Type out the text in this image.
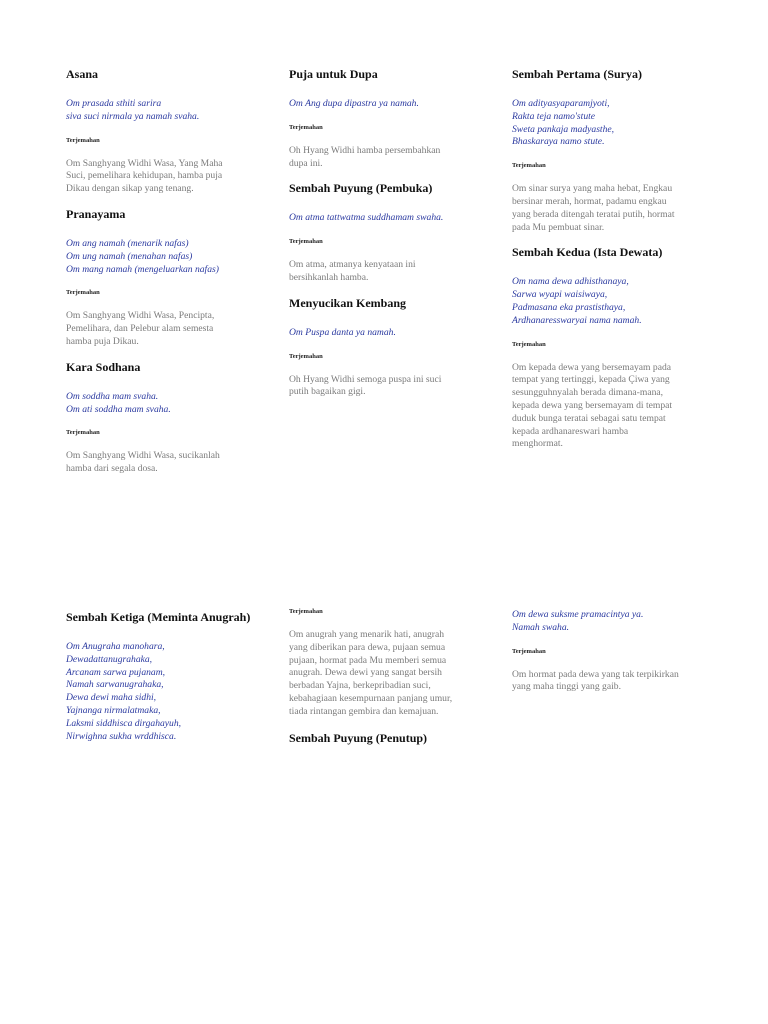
Asana
Om prasada sthiti sarira
siva suci nirmala ya namah svaha.
Terjemahan
Om Sanghyang Widhi Wasa, Yang Maha
Suci, pemelihara kehidupan, hamba puja
Dikau dengan sikap yang tenang.
Pranayama
Om ang namah (menarik nafas)
Om ung namah (menahan nafas)
Om mang namah (mengeluarkan nafas)
Terjemahan
Om Sanghyang Widhi Wasa, Pencipta,
Pemelihara, dan Pelebur alam semesta
hamba puja Dikau.
Kara Sodhana
Om soddha mam svaha.
Om ati soddha mam svaha.
Terjemahan
Om Sanghyang Widhi Wasa, sucikanlah
hamba dari segala dosa.
Puja untuk Dupa
Om Ang dupa dipastra ya namah.
Terjemahan
Oh Hyang Widhi hamba persembahkan
dupa ini.
Sembah Puyung (Pembuka)
Om atma tattwatma suddhamam swaha.
Terjemahan
Om atma, atmanya kenyataan ini
bersihkanlah hamba.
Menyucikan Kembang
Om Puspa danta ya namah.
Terjemahan
Oh Hyang Widhi semoga puspa ini suci
putih bagaikan gigi.
Sembah Pertama (Surya)
Om adityasyaparamjyoti,
Rakta teja namo'stute
Sweta pankaja madyasthe,
Bhaskaraya namo stute.
Terjemahan
Om sinar surya yang maha hebat, Engkau
bersinar merah, hormat, padamu engkau
yang berada ditengah teratai putih, hormat
pada Mu pembuat sinar.
Sembah Kedua (Ista Dewata)
Om nama dewa adhisthanaya,
Sarwa wyapi waisiwaya,
Padmasana eka prastisthaya,
Ardhanaresswaryai nama namah.
Terjemahan
Om kepada dewa yang bersemayam pada
tempat yang tertinggi, kepada Çiwa yang
sesungguhnyalah berada dimana-mana,
kepada dewa yang bersemayam di tempat
duduk bunga teratai sebagai satu tempat
kepada ardhanareswari hamba
menghormat.
Sembah Ketiga (Meminta Anugrah)
Om Anugraha manohara,
Dewadattanugrahaka,
Arcanam sarwa pujanam,
Namah sarwanugrahaka,
Dewa dewi maha sidhi,
Yajnanga nirmalatmaka,
Laksmi siddhisca dirgahayuh,
Nirwighna sukha wrddhisca.
Terjemahan
Om anugrah yang menarik hati, anugrah
yang diberikan para dewa, pujaan semua
pujaan, hormat pada Mu memberi semua
anugrah. Dewa dewi yang sangat bersih
berbadan Yajna, berkepribadian suci,
kebahagiaan kesempurnaan panjang umur,
tiada rintangan gembira dan kemajuan.
Sembah Puyung (Penutup)
Om dewa suksme pramacintya ya.
Namah swaha.
Terjemahan
Om hormat pada dewa yang tak terpikirkan
yang maha tinggi yang gaib.
